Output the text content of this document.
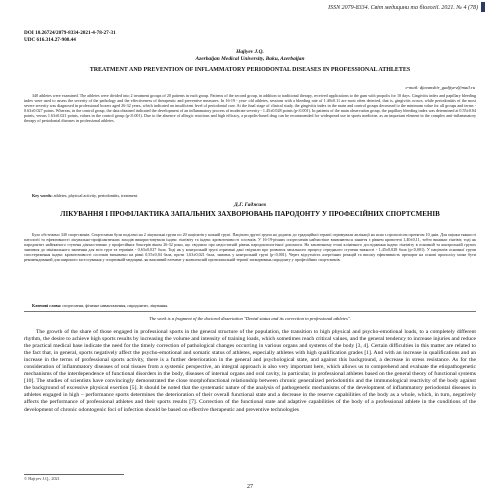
ISSN 2079-8334. Світ медицини та біології. 2021. № 4 (78)
DOI 10.26724/2079-8334-2021-4-78-27-31
UDC 616.314.27-908.44
Hajiyev J.Q.
Azerbaijan Medical University, Baku, Azerbaijan
TREATMENT AND PREVENTION OF INFLAMMATORY PERIODONTAL DISEASES IN PROFESSIONAL ATHLETES
e-mail: djavanshir_gadjiyev@mail.ru

340 athletes were examined. The athletes were divided into 2 treatment groups of 20 patients in each group. Patients of the second group, in addition to traditional therapy, received applications to the gum with propolis for 10 days. Gingivitis index and papillary bleeding index were used to assess the severity of the pathology and the effectiveness of therapeutic and preventive measures. In 16-19 - year- old athletes, sessions with a bleeding rate of 1.40±0.11 are most often detected, that is, gingivitis occurs, while periodontitis of the most severe severity was diagnosed in professional boxers aged 26-32 years, which indicated an insufficient level of periodontal care. At the final stage of clinical study, the gingivitis index in the main and control groups decreased to the minimum value for all groups and terms - 0.63±0.027 points. Whereas, in the control group, the data obtained indicated the development of an inflammatory process of moderate severity - 1.45±0.028 points (p<0.001). In patients of the main observation group, the papillary bleeding index was determined at 0.55±0.04 points, versus 1.63±0.021 points, values in the control group (p<0.001). Due to the absence of allergic reactions and high efficacy, a propolis-based drug can be recommended for widespread use in sports medicine, as an important element in the complex anti-inflammatory therapy of periodontal diseases in professional athletes.

Key words: athletes, physical activity, periodontitis, treatment.
Д.Г. Гаджиєв
ЛІКУВАННЯ І ПРОФІЛАКТИКА ЗАПАЛЬНИХ ЗАХВОРЮВАНЬ ПАРОДОНТУ У ПРОФЕСІЙНИХ СПОРТСМЕНІВ

Було обстежено 340 спортсменів. Спортсмени були поділені на 2 лікувальні групи по 20 пацієнтів у кожній групі. Пацієнти другої групи на додаток до традиційної терапії отримували аплікації на ясна з прополісом протягом 10 днів. Для оцінки тяжкості патології та ефективності лікувально-профілактичних заходів використовували індекс гінгівіту та індекс кровоточивості сосочків. У 16-19-річних спортсменів найчастіше виявляються заняття з рівнем кровотечі 1,40±0,11, тобто виникає гінгівіт, тоді як пародонтит найтяжчого ступеня діагностовано у професійних боксерів віком 26-32 роки, що свідчило про недостатній рівень пародонтологічної допомоги. На заключному етапі клінічного дослідження індекс гінгівіту в основній та контрольній групах знизився до мінімального значення для всіх груп та термінів - 0,63±0,027 бала. Тоді як у контрольній групі отримані дані свідчили про розвиток запального процесу середнього ступеня тяжкості - 1,45±0,028 бала (p<0,001). У пацієнтів основної групи спостереження індекс кровоточивості сосочків визначено на рівні 0,55±0,04 бала, проти 1,63±0,021 бала, значень у контрольній групі (p<0,001). Через відсутність алергічних реакцій та високу ефективність препарат на основі прополісу може бути рекомендований для широкого застосування у спортивній медицині, як важливий елемент у комплексній протизапальній терапії захворювань пародонту у професійних спортсменів.

Ключові слова: спортсмени, фізичне навантаження, пародонтит, лікування.
The work is a fragment of the doctoral dissertation "Dental status and its correction in professional athletes".

The growth of the share of those engaged in professional sports in the general structure of the population, the transition to high physical and psycho-emotional loads, to a completely different rhythm, the desire to achieve high sports results by increasing the volume and intensity of training loads, which sometimes reach critical values, and the general tendency to increase injuries and reduce the practical medical base indicate the need for the timely correction of pathological changes occurring in various organs and systems of the body [3, 4]. Certain difficulties in this matter are related to the fact that, in general, sports negatively affect the psycho-emotional and somatic status of athletes, especially athletes with high qualification grades [1]. And with an increase in qualifications and an increase in the terms of professional sports activity, there is a further deterioration in the general and psychological state, and against this background, a decrease in stress resistance. As for the consideration of inflammatory diseases of oral tissues from a systemic perspective, an integral approach is also very important here, which allows us to comprehend and evaluate the etiopathogenetic mechanisms of the interdependence of functional disorders in the body, diseases of internal organs and oral cavity, in particular, in professional athletes based on the general theory of functional systems [10]. The studies of scientists have convincingly demonstrated the close morphofunctional relationship between chronic generalized periodontitis and the immunological reactivity of the body against the background of excessive physical exertion [5]. It should be noted that the systematic nature of the analysis of pathogenetic mechanisms of the development of inflammatory periodontal diseases in athletes engaged in high – performance sports determines the deterioration of their overall functional state and a decrease in the reserve capabilities of the body as a whole, which, in turn, negatively affects the performance of professional athletes and their sports results [7]. Correction of the functional state and adaptive capabilities of the body of a professional athlete in the conditions of the development of chronic odontogenic foci of infection should be based on effective therapeutic and preventive technologies

© Hajiyev J.Q., 2021
27
